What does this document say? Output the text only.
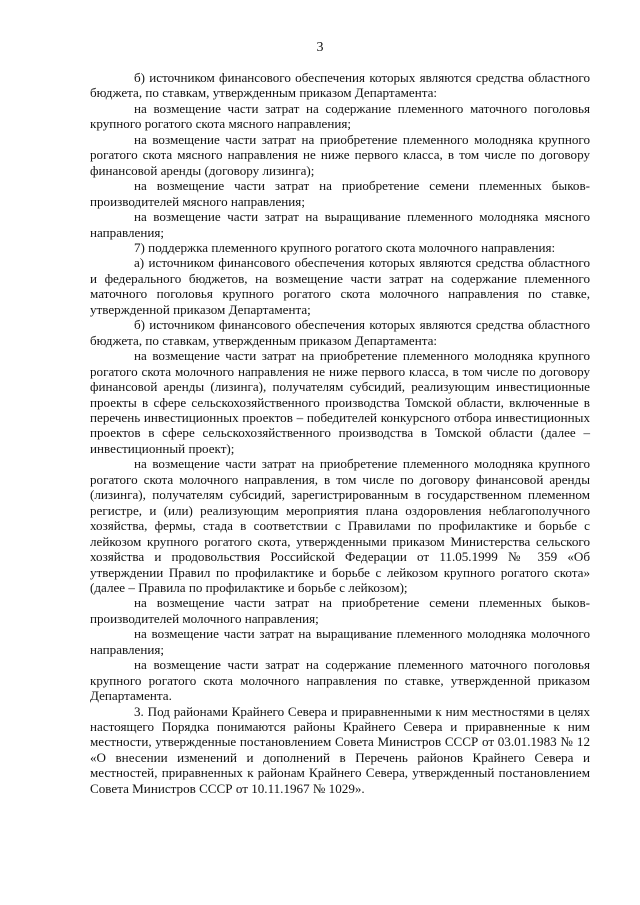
3

б) источником финансового обеспечения которых являются средства областного бюджета, по ставкам, утвержденным приказом Департамента:

на возмещение части затрат на содержание племенного маточного поголовья крупного рогатого скота мясного направления;

на возмещение части затрат на приобретение племенного молодняка крупного рогатого скота мясного направления не ниже первого класса, в том числе по договору финансовой аренды (договору лизинга);

на возмещение части затрат на приобретение семени племенных быков-производителей мясного направления;

на возмещение части затрат на выращивание племенного молодняка мясного направления;

7) поддержка племенного крупного рогатого скота молочного направления:

а) источником финансового обеспечения которых являются средства областного и федерального бюджетов, на возмещение части затрат на содержание племенного маточного поголовья крупного рогатого скота молочного направления по ставке, утвержденной приказом Департамента;

б) источником финансового обеспечения которых являются средства областного бюджета, по ставкам, утвержденным приказом Департамента:

на возмещение части затрат на приобретение племенного молодняка крупного рогатого скота молочного направления не ниже первого класса, в том числе по договору финансовой аренды (лизинга), получателям субсидий, реализующим инвестиционные проекты в сфере сельскохозяйственного производства Томской области, включенные в перечень инвестиционных проектов – победителей конкурсного отбора инвестиционных проектов в сфере сельскохозяйственного производства в Томской области (далее – инвестиционный проект);

на возмещение части затрат на приобретение племенного молодняка крупного рогатого скота молочного направления, в том числе по договору финансовой аренды (лизинга), получателям субсидий, зарегистрированным в государственном племенном регистре, и (или) реализующим мероприятия плана оздоровления неблагополучного хозяйства, фермы, стада в соответствии с Правилами по профилактике и борьбе с лейкозом крупного рогатого скота, утвержденными приказом Министерства сельского хозяйства и продовольствия Российской Федерации от 11.05.1999 № 359 «Об утверждении Правил по профилактике и борьбе с лейкозом крупного рогатого скота» (далее – Правила по профилактике и борьбе с лейкозом);

на возмещение части затрат на приобретение семени племенных быков-производителей молочного направления;

на возмещение части затрат на выращивание племенного молодняка молочного направления;

на возмещение части затрат на содержание племенного маточного поголовья крупного рогатого скота молочного направления по ставке, утвержденной приказом Департамента.

3. Под районами Крайнего Севера и приравненными к ним местностями в целях настоящего Порядка понимаются районы Крайнего Севера и приравненные к ним местности, утвержденные постановлением Совета Министров СССР от 03.01.1983 № 12 «О внесении изменений и дополнений в Перечень районов Крайнего Севера и местностей, приравненных к районам Крайнего Севера, утвержденный постановлением Совета Министров СССР от 10.11.1967 № 1029».
